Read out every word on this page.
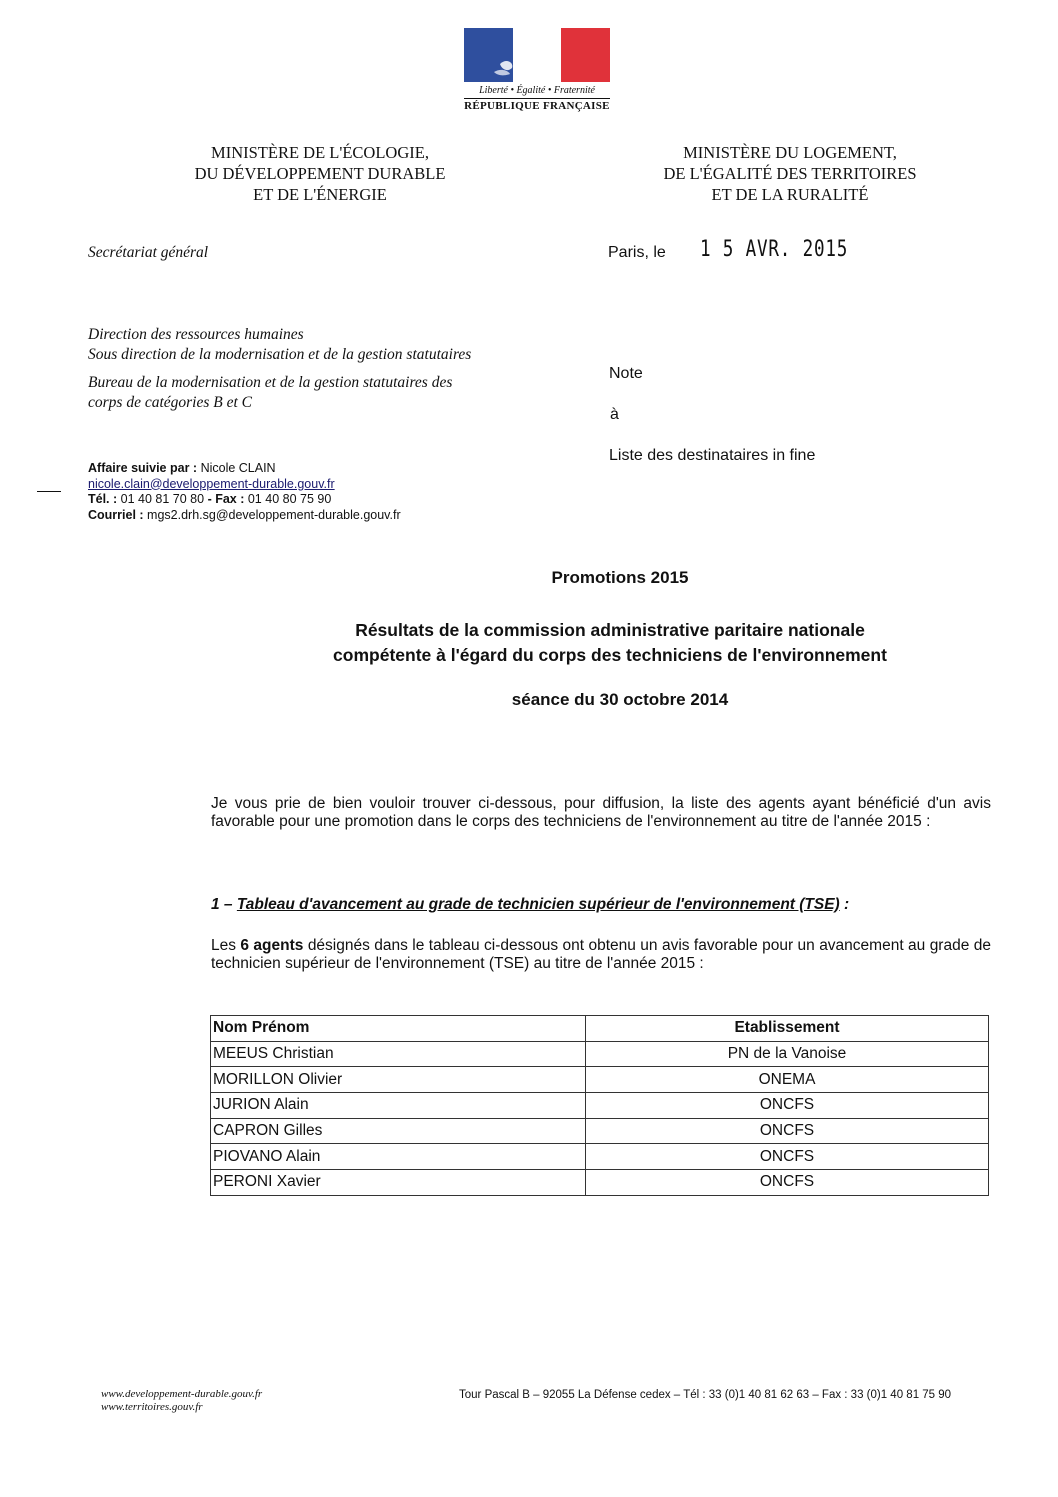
Liberté • Égalité • Fraternité
RÉPUBLIQUE FRANÇAISE
MINISTÈRE DE L'ÉCOLOGIE,
DU DÉVELOPPEMENT DURABLE
ET DE L'ÉNERGIE
MINISTÈRE DU LOGEMENT,
DE L'ÉGALITÉ DES TERRITOIRES
ET DE LA RURALITÉ
Secrétariat général	Paris, le 1 5 AVR. 2015
Direction des ressources humaines
Sous direction de la modernisation et de la gestion statutaires
Bureau de la modernisation et de la gestion statutaires des
corps de catégories B et C
Note
à
Liste des destinataires in fine
Affaire suivie par : Nicole CLAIN
nicole.clain@developpement-durable.gouv.fr
Tél. : 01 40 81 70 80 - Fax : 01 40 80 75 90
Courriel : mgs2.drh.sg@developpement-durable.gouv.fr
Promotions 2015
Résultats de la commission administrative paritaire nationale
compétente à l'égard du corps des techniciens de l'environnement
séance du 30 octobre 2014
Je vous prie de bien vouloir trouver ci-dessous, pour diffusion, la liste des agents ayant bénéficié d'un avis favorable pour une promotion dans le corps des techniciens de l'environnement au titre de l'année 2015 :
1 – Tableau d'avancement au grade de technicien supérieur de l'environnement (TSE) :
Les 6 agents désignés dans le tableau ci-dessous ont obtenu un avis favorable pour un avancement au grade de technicien supérieur de l'environnement (TSE) au titre de l'année 2015 :
Nom Prénom	Etablissement
MEEUS Christian	PN de la Vanoise
MORILLON Olivier	ONEMA
JURION Alain	ONCFS
CAPRON Gilles	ONCFS
PIOVANO Alain	ONCFS
PERONI Xavier	ONCFS
www.developpement-durable.gouv.fr
www.territoires.gouv.fr
Tour Pascal B – 92055 La Défense cedex – Tél : 33 (0)1 40 81 62 63 – Fax : 33 (0)1 40 81 75 90
